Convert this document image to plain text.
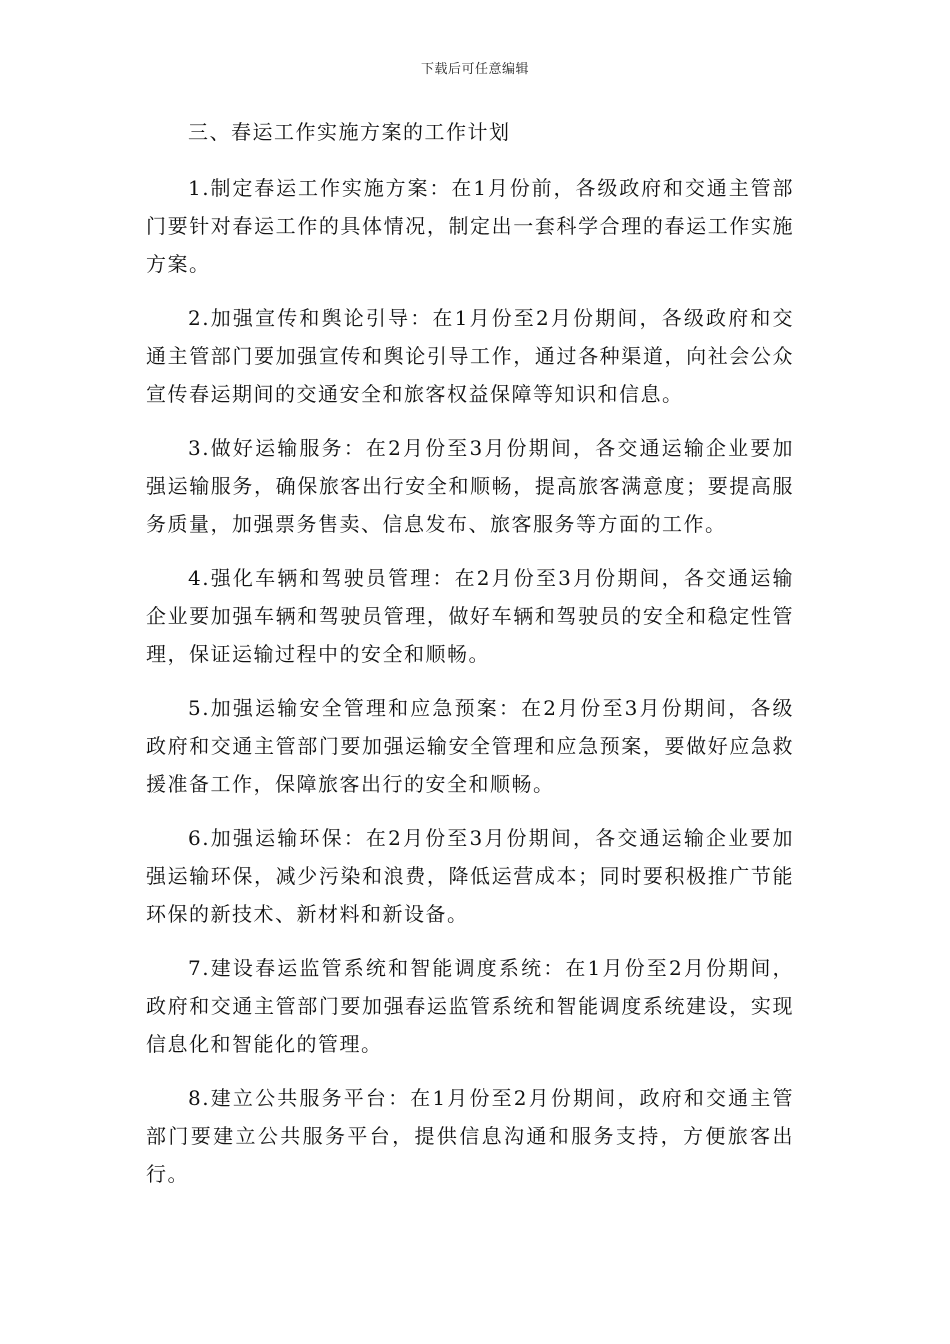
下载后可任意编辑
三、春运工作实施方案的工作计划

1.制定春运工作实施方案：在1月份前，各级政府和交通主管部门要针对春运工作的具体情况，制定出一套科学合理的春运工作实施方案。

2.加强宣传和舆论引导：在1月份至2月份期间，各级政府和交通主管部门要加强宣传和舆论引导工作，通过各种渠道，向社会公众宣传春运期间的交通安全和旅客权益保障等知识和信息。

3.做好运输服务：在2月份至3月份期间，各交通运输企业要加强运输服务，确保旅客出行安全和顺畅，提高旅客满意度；要提高服务质量，加强票务售卖、信息发布、旅客服务等方面的工作。

4.强化车辆和驾驶员管理：在2月份至3月份期间，各交通运输企业要加强车辆和驾驶员管理，做好车辆和驾驶员的安全和稳定性管理，保证运输过程中的安全和顺畅。

5.加强运输安全管理和应急预案：在2月份至3月份期间，各级政府和交通主管部门要加强运输安全管理和应急预案，要做好应急救援准备工作，保障旅客出行的安全和顺畅。

6.加强运输环保：在2月份至3月份期间，各交通运输企业要加强运输环保，减少污染和浪费，降低运营成本；同时要积极推广节能环保的新技术、新材料和新设备。

7.建设春运监管系统和智能调度系统：在1月份至2月份期间，政府和交通主管部门要加强春运监管系统和智能调度系统建设，实现信息化和智能化的管理。

8.建立公共服务平台：在1月份至2月份期间，政府和交通主管部门要建立公共服务平台，提供信息沟通和服务支持，方便旅客出行。
